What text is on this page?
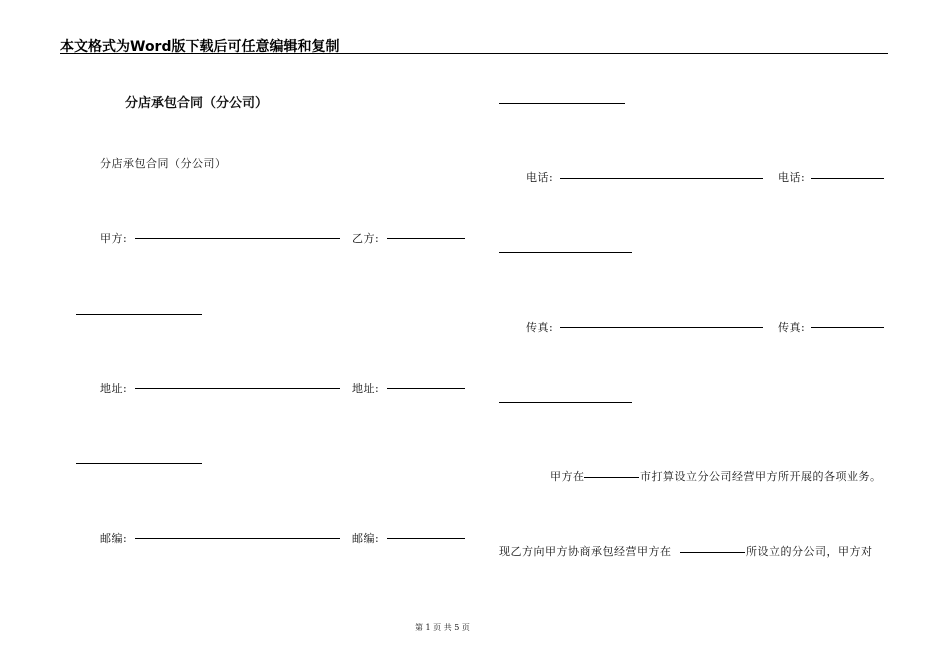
本文格式为Word版下载后可任意编辑和复制
分店承包合同（分公司）
分店承包合同（分公司）
甲方:	乙方:
地址:	地址:
邮编:	邮编:
电话:	电话:
传真:	传真:
甲方在	市打算设立分公司经营甲方所开展的各项业务。
现乙方向甲方协商承包经营甲方在	所设立的分公司，甲方对
第 1 页 共 5 页
